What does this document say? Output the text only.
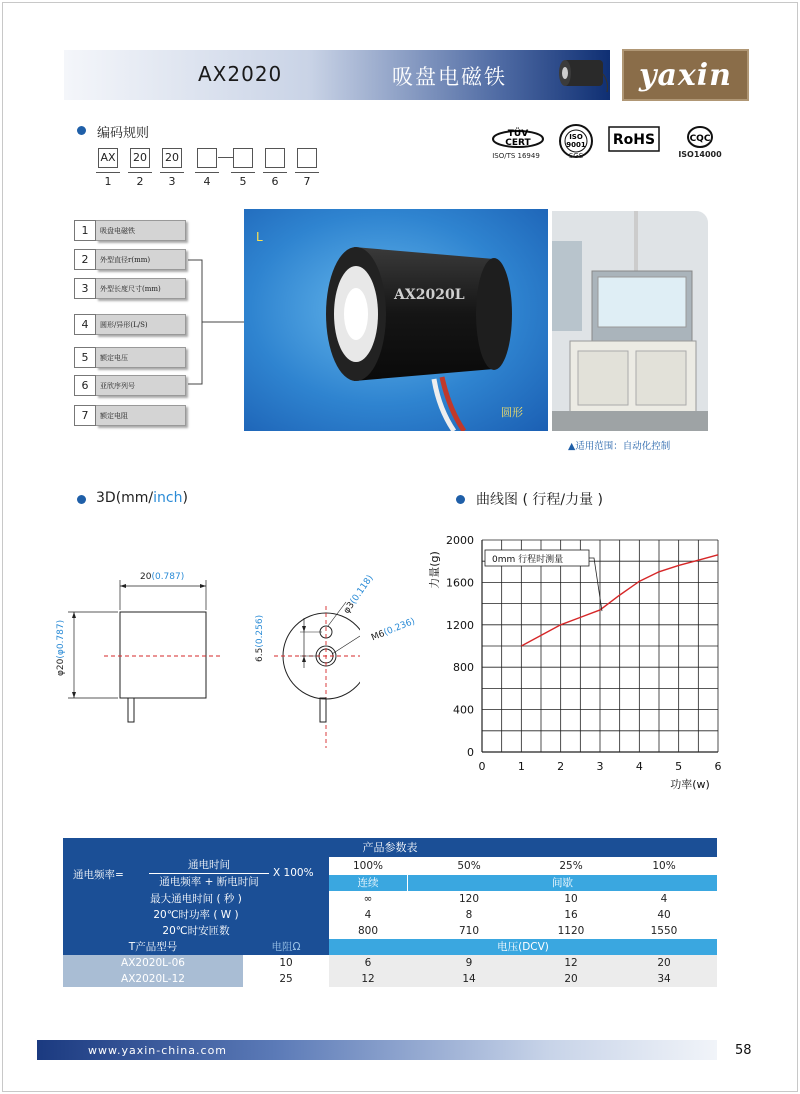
AX2020	吸盘电磁铁	yaxin
编码规则
AX 20 20
1	2	3	4	5	6	7
TÜV
CERT
ISO/TS 16949
ISO
9001
SGS
RoHS	CQC
ISO14000
1	吸盘电磁铁
2	外型直径r(mm)
3	外型长度尺寸(mm)
4	圆形/异形(L/S)
5	额定电压
6	亚欣序列号
7	额定电阻
AX2020L
L
圆形
▲适用范围：自动化控制
3D(mm/inch)
20(0.787)
φ20(φ0.787)
φ3(0.118)
6.5(0.256)	M6(0.236)
曲线图 ( 行程/力量 )
0	1	2	3	4	5	6
0
400
800
1200
1600
2000
力量(g)
功率(w)
0mm 行程时测量
产品参数表
100%	50%	25%	10%
连续	间歇
通电频率=
通电时间
通电频率 + 断电时间
X 100%
最大通电时间 ( 秒 )	∞	120	10	4
20℃时功率 ( W )	4	8	16	40
20℃时安匝数	800	710	1120	1550
T产品型号	电阻Ω	电压(DCV)
AX2020L-06	10	6	9	12	20
AX2020L-12	25	12	14	20	34
www.yaxin-china.com	58
